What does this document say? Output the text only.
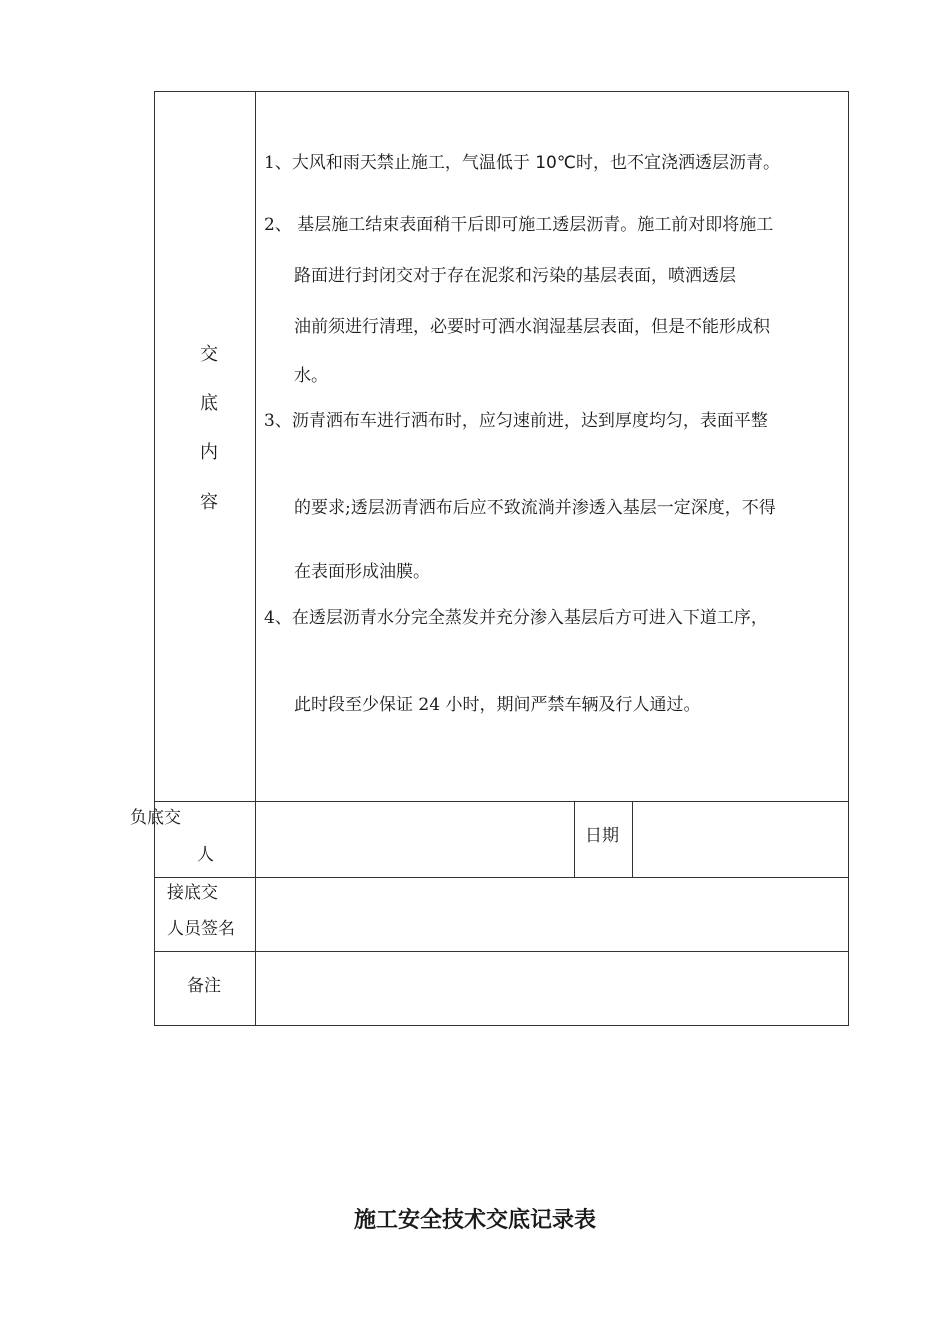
交
底
内
容
1、大风和雨天禁止施工，气温低于 10℃时，也不宜浇洒透层沥青。
2、 基层施工结束表面稍干后即可施工透层沥青。施工前对即将施工
路面进行封闭交对于存在泥浆和污染的基层表面，喷洒透层
油前须进行清理，必要时可洒水润湿基层表面，但是不能形成积
水。
3、沥青洒布车进行洒布时，应匀速前进，达到厚度均匀，表面平整
的要求;透层沥青洒布后应不致流淌并渗透入基层一定深度，不得
在表面形成油膜。
4、在透层沥青水分完全蒸发并充分渗入基层后方可进入下道工序，
此时段至少保证 24 小时，期间严禁车辆及行人通过。
负底交
人
日期
接底交
人员签名
备注
施工安全技术交底记录表
